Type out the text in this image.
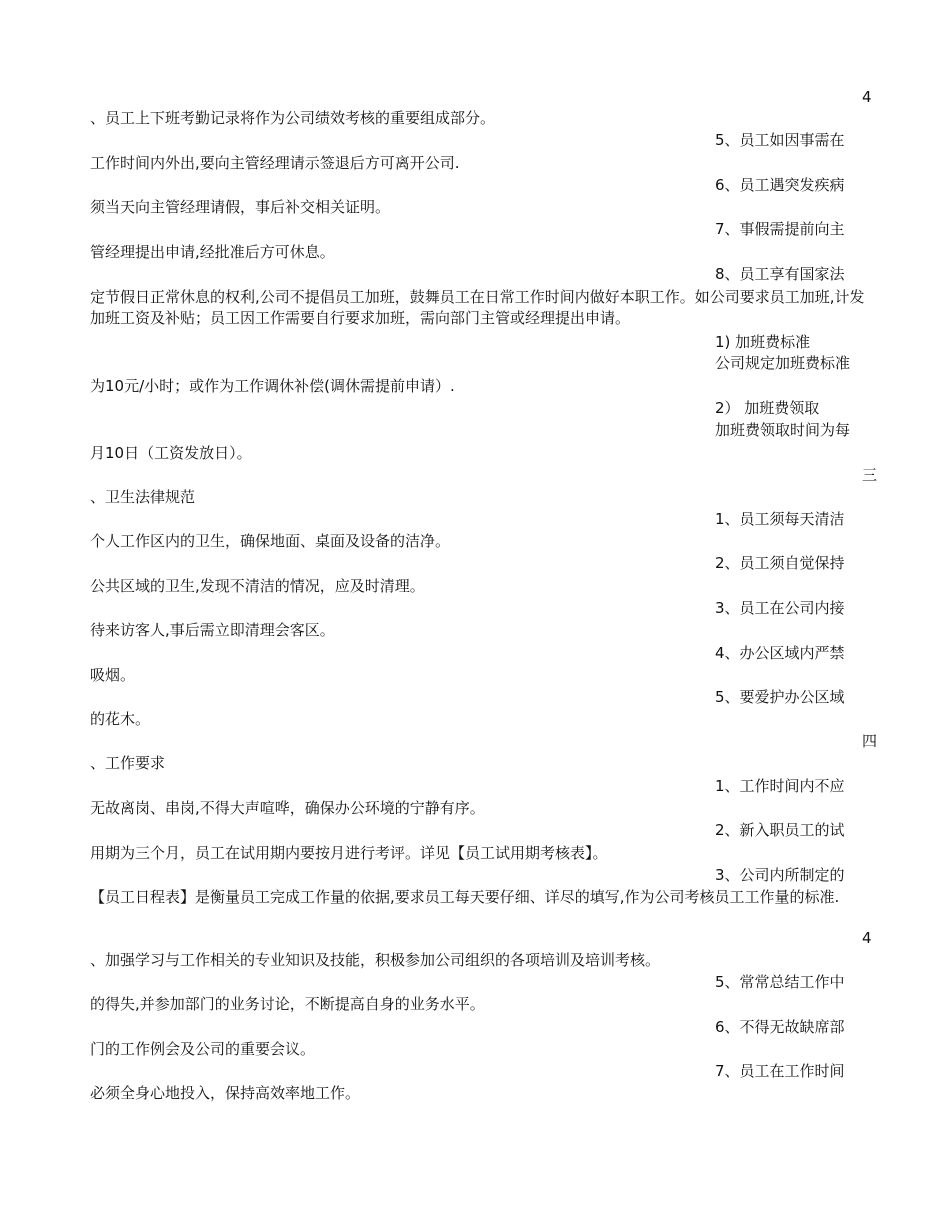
4
、员工上下班考勤记录将作为公司绩效考核的重要组成部分。
5、员工如因事需在
工作时间内外出,要向主管经理请示签退后方可离开公司.
6、员工遇突发疾病
须当天向主管经理请假，事后补交相关证明。
7、事假需提前向主
管经理提出申请,经批准后方可休息。
8、员工享有国家法
定节假日正常休息的权利,公司不提倡员工加班，鼓舞员工在日常工作时间内做好本职工作。如公司要求员工加班,计发加班工资及补贴；员工因工作需要自行要求加班，需向部门主管或经理提出申请。
1) 加班费标准
公司规定加班费标准
为10元/小时；或作为工作调休补偿(调休需提前申请）.
2） 加班费领取
加班费领取时间为每
月10日（工资发放日）。
三
、卫生法律规范
1、员工须每天清洁
个人工作区内的卫生，确保地面、桌面及设备的洁净。
2、员工须自觉保持
公共区域的卫生,发现不清洁的情况，应及时清理。
3、员工在公司内接
待来访客人,事后需立即清理会客区。
4、办公区域内严禁
吸烟。
5、要爱护办公区域
的花木。
四
、工作要求
1、工作时间内不应
无故离岗、串岗,不得大声喧哗，确保办公环境的宁静有序。
2、新入职员工的试
用期为三个月，员工在试用期内要按月进行考评。详见【员工试用期考核表】。
3、公司内所制定的
【员工日程表】是衡量员工完成工作量的依据,要求员工每天要仔细、详尽的填写,作为公司考核员工工作量的标准.
4
、加强学习与工作相关的专业知识及技能，积极参加公司组织的各项培训及培训考核。
5、常常总结工作中
的得失,并参加部门的业务讨论，不断提高自身的业务水平。
6、不得无故缺席部
门的工作例会及公司的重要会议。
7、员工在工作时间
必须全身心地投入，保持高效率地工作。
